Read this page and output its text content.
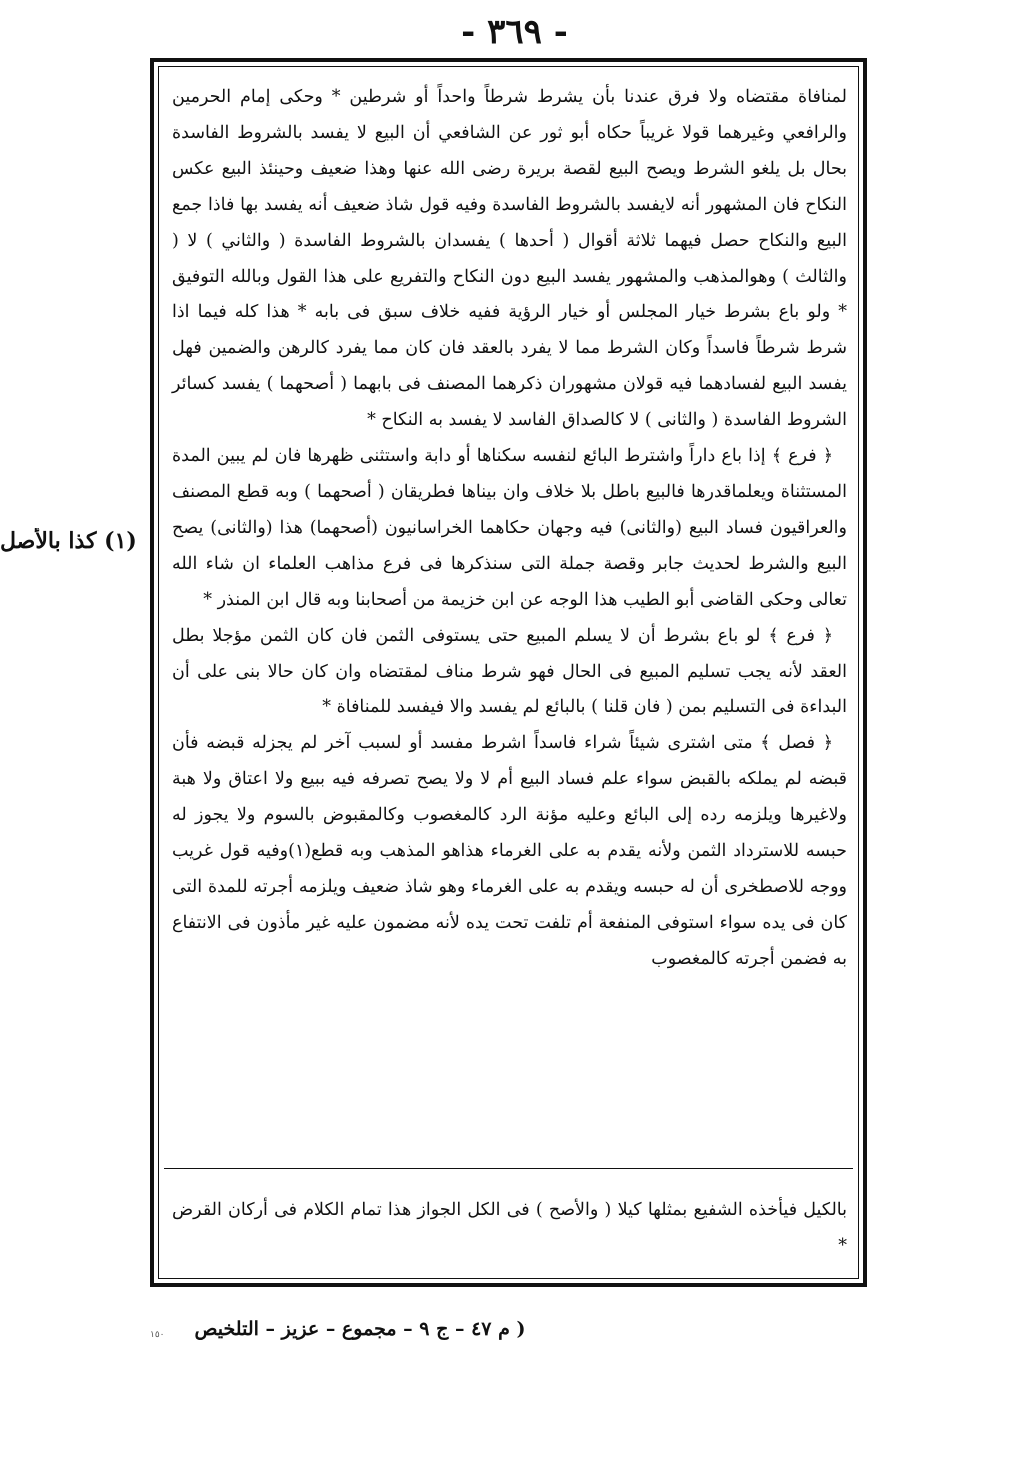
- ٣٦٩ -

لمنافاة مقتضاه ولا فرق عندنا بأن يشرط شرطاً واحداً أو شرطين * وحكى إمام الحرمين والرافعي وغيرهما قولا غريباً حكاه أبو ثور عن الشافعي أن البيع لا يفسد بالشروط الفاسدة بحال بل يلغو الشرط ويصح البيع لقصة بريرة رضى الله عنها وهذا ضعيف وحينئذ البيع عكس النكاح فان المشهور أنه لايفسد بالشروط الفاسدة وفيه قول شاذ ضعيف أنه يفسد بها فاذا جمع البيع والنكاح حصل فيهما ثلاثة أقوال ( أحدها ) يفسدان بالشروط الفاسدة ( والثاني ) لا ( والثالث ) وهوالمذهب والمشهور يفسد البيع دون النكاح والتفريع على هذا القول وبالله التوفيق * ولو باع بشرط خيار المجلس أو خيار الرؤية ففيه خلاف سبق فى بابه * هذا كله فيما اذا شرط شرطاً فاسداً وكان الشرط مما لا يفرد بالعقد فان كان مما يفرد كالرهن والضمين فهل يفسد البيع لفسادهما فيه قولان مشهوران ذكرهما المصنف فى بابهما ( أصحهما ) يفسد كسائر الشروط الفاسدة ( والثانى ) لا كالصداق الفاسد لا يفسد به النكاح *

﴿ فرع ﴾ إذا باع داراً واشترط البائع لنفسه سكناها أو دابة واستثنى ظهرها فان لم يبين المدة المستثناة ويعلماقدرها فالبيع باطل بلا خلاف وان بيناها فطريقان ( أصحهما ) وبه قطع المصنف والعراقيون فساد البيع (والثانى) فيه وجهان حكاهما الخراسانيون (أصحهما) هذا (والثانى) يصح البيع والشرط لحديث جابر وقصة جملة التى سنذكرها فى فرع مذاهب العلماء ان شاء الله تعالى وحكى القاضى أبو الطيب هذا الوجه عن ابن خزيمة من أصحابنا وبه قال ابن المنذر *

﴿ فرع ﴾ لو باع بشرط أن لا يسلم المبيع حتى يستوفى الثمن فان كان الثمن مؤجلا بطل العقد لأنه يجب تسليم المبيع فى الحال فهو شرط مناف لمقتضاه وان كان حالا بنى على أن البداءة فى التسليم بمن ( فان قلنا ) بالبائع لم يفسد والا فيفسد للمنافاة *

﴿ فصل ﴾ متى اشترى شيئاً شراء فاسداً اشرط مفسد أو لسبب آخر لم يجزله قبضه فأن قبضه لم يملكه بالقبض سواء علم فساد البيع أم لا ولا يصح تصرفه فيه ببيع ولا اعتاق ولا هبة ولاغيرها ويلزمه رده إلى البائع وعليه مؤنة الرد كالمغصوب وكالمقبوض بالسوم ولا يجوز له حبسه للاسترداد الثمن ولأنه يقدم به على الغرماء هذاهو المذهب وبه قطع(١)وفيه قول غريب ووجه للاصطخرى أن له حبسه ويقدم به على الغرماء وهو شاذ ضعيف ويلزمه أجرته للمدة التى كان فى يده سواء استوفى المنفعة أم تلفت تحت يده لأنه مضمون عليه غير مأذون فى الانتفاع به فضمن أجرته كالمغصوب

بالكيل فيأخذه الشفيع بمثلها كيلا ( والأصح ) فى الكل الجواز هذا تمام الكلام فى أركان القرض *
( م ٤٧ – ج ٩ – مجموع – عزيز – التلخيص
١٥٠
(١) كذا بالأصل
